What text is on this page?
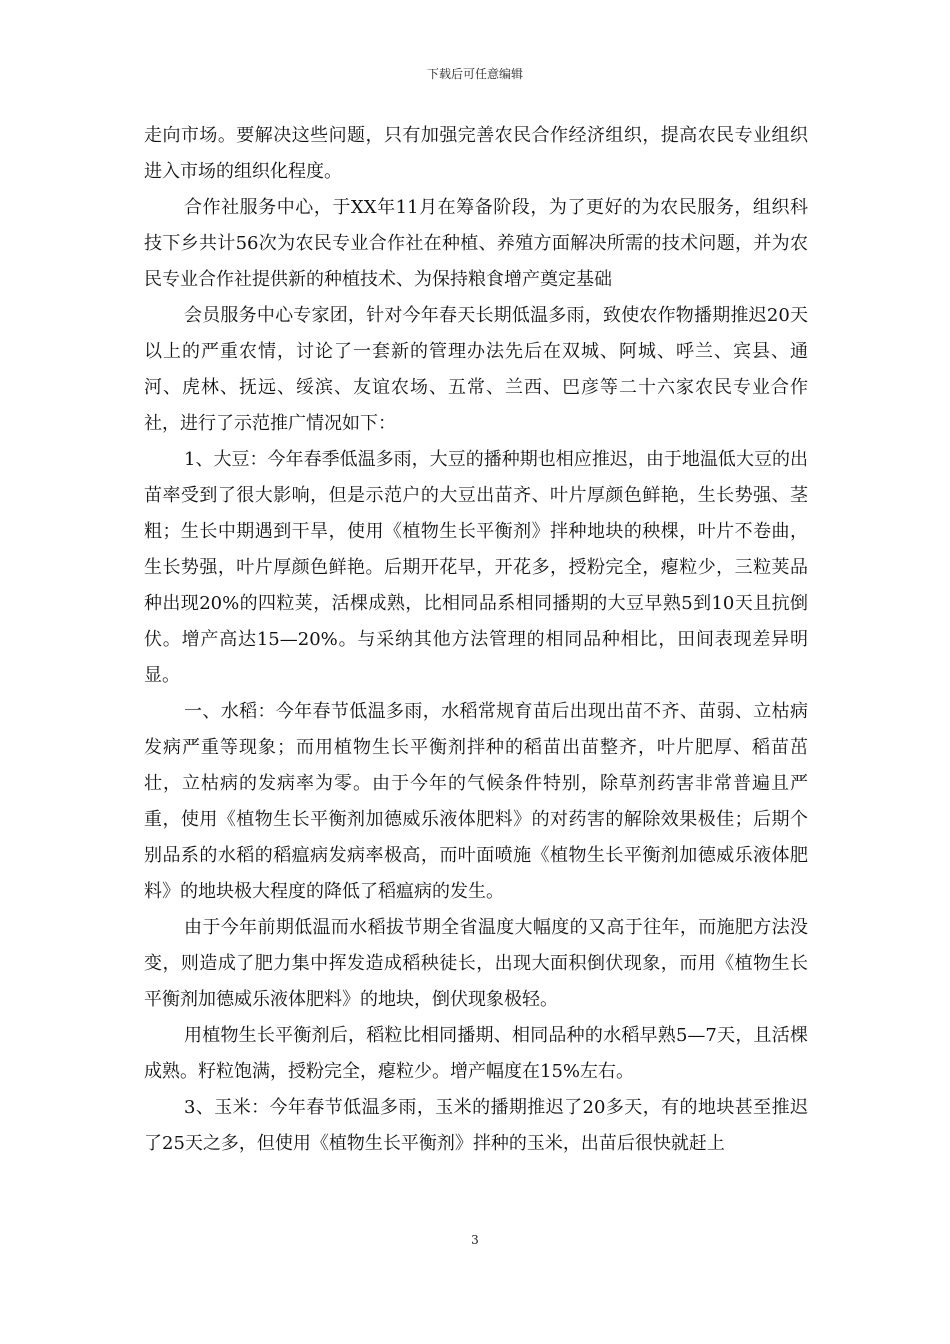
下载后可任意编辑

走向市场。要解决这些问题，只有加强完善农民合作经济组织，提高农民专业组织进入市场的组织化程度。

合作社服务中心，于XX年11月在筹备阶段，为了更好的为农民服务，组织科技下乡共计56次为农民专业合作社在种植、养殖方面解决所需的技术问题，并为农民专业合作社提供新的种植技术、为保持粮食增产奠定基础

会员服务中心专家团，针对今年春天长期低温多雨，致使农作物播期推迟20天以上的严重农情，讨论了一套新的管理办法先后在双城、阿城、呼兰、宾县、通河、虎林、抚远、绥滨、友谊农场、五常、兰西、巴彦等二十六家农民专业合作社，进行了示范推广情况如下：

1、大豆：今年春季低温多雨，大豆的播种期也相应推迟，由于地温低大豆的出苗率受到了很大影响，但是示范户的大豆出苗齐、叶片厚颜色鲜艳，生长势强、茎粗；生长中期遇到干旱，使用《植物生长平衡剂》拌种地块的秧棵，叶片不卷曲，生长势强，叶片厚颜色鲜艳。后期开花早，开花多，授粉完全，瘪粒少，三粒荚品种出现20%的四粒荚，活棵成熟，比相同品系相同播期的大豆早熟5到10天且抗倒伏。增产高达15—20%。与采纳其他方法管理的相同品种相比，田间表现差异明显。

一、水稻：今年春节低温多雨，水稻常规育苗后出现出苗不齐、苗弱、立枯病发病严重等现象；而用植物生长平衡剂拌种的稻苗出苗整齐，叶片肥厚、稻苗茁壮，立枯病的发病率为零。由于今年的气候条件特别，除草剂药害非常普遍且严重，使用《植物生长平衡剂加德威乐液体肥料》的对药害的解除效果极佳；后期个别品系的水稻的稻瘟病发病率极高，而叶面喷施《植物生长平衡剂加德威乐液体肥料》的地块极大程度的降低了稻瘟病的发生。

由于今年前期低温而水稻拔节期全省温度大幅度的又高于往年，而施肥方法没变，则造成了肥力集中挥发造成稻秧徒长，出现大面积倒伏现象，而用《植物生长平衡剂加德威乐液体肥料》的地块，倒伏现象极轻。

用植物生长平衡剂后，稻粒比相同播期、相同品种的水稻早熟5—7天，且活棵成熟。籽粒饱满，授粉完全，瘪粒少。增产幅度在15%左右。

3、玉米：今年春节低温多雨，玉米的播期推迟了20多天，有的地块甚至推迟了25天之多，但使用《植物生长平衡剂》拌种的玉米，出苗后很快就赶上

3
